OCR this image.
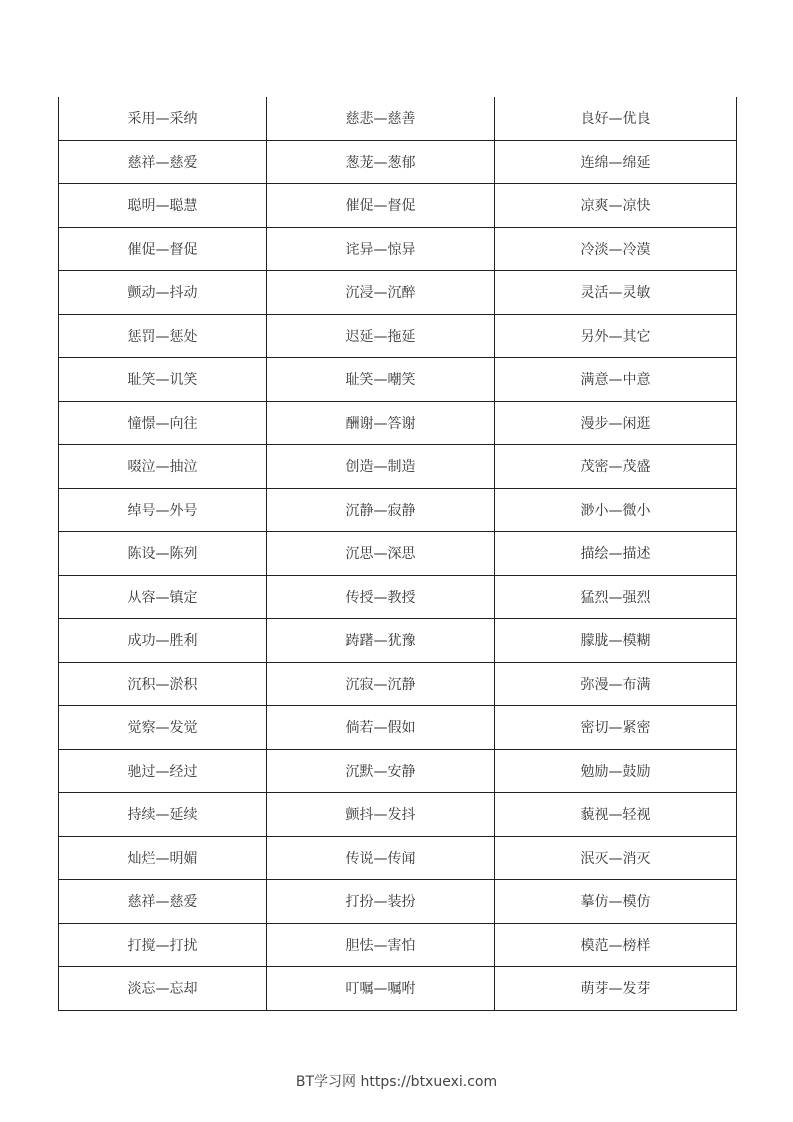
采用—采纳	慈悲—慈善	良好—优良
慈祥—慈爱	葱茏—葱郁	连绵—绵延
聪明—聪慧	催促—督促	凉爽—凉快
催促—督促	诧异—惊异	冷淡—冷漠
颤动—抖动	沉浸—沉醉	灵活—灵敏
惩罚—惩处	迟延—拖延	另外—其它
耻笑—讥笑	耻笑—嘲笑	满意—中意
憧憬—向往	酬谢—答谢	漫步—闲逛
啜泣—抽泣	创造—制造	茂密—茂盛
绰号—外号	沉静—寂静	渺小—微小
陈设—陈列	沉思—深思	描绘—描述
从容—镇定	传授—教授	猛烈—强烈
成功—胜利	踌躇—犹豫	朦胧—模糊
沉积—淤积	沉寂—沉静	弥漫—布满
觉察—发觉	倘若—假如	密切—紧密
驰过—经过	沉默—安静	勉励—鼓励
持续—延续	颤抖—发抖	藐视—轻视
灿烂—明媚	传说—传闻	泯灭—消灭
慈祥—慈爱	打扮—装扮	摹仿—模仿
打搅—打扰	胆怯—害怕	模范—榜样
淡忘—忘却	叮嘱—嘱咐	萌芽—发芽
BT学习网 https://btxuexi.com
